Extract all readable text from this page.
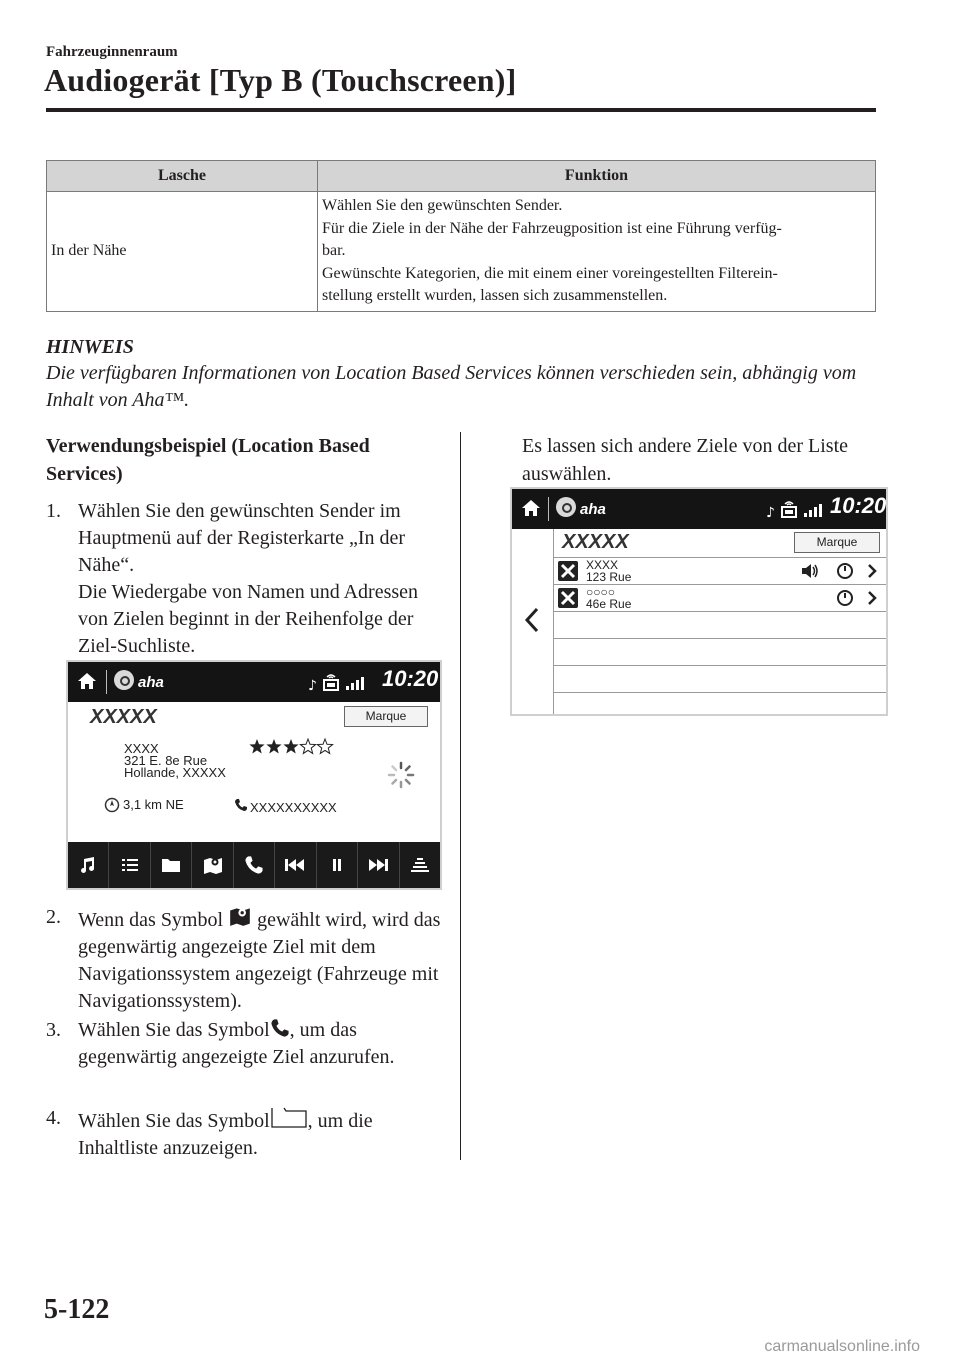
Fahrzeuginnenraum
Audiogerät [Typ B (Touchscreen)]
Lasche	Funktion
In der Nähe	Wählen Sie den gewünschten Sender.
Für die Ziele in der Nähe der Fahrzeugposition ist eine Führung verfüg-
bar.
Gewünschte Kategorien, die mit einem einer voreingestellten Filterein-
stellung erstellt wurden, lassen sich zusammenstellen.
HINWEIS
Die verfügbaren Informationen von Location Based Services können verschieden sein, abhängig vom Inhalt von Aha™.
Verwendungsbeispiel (Location Based Services)
1. Wählen Sie den gewünschten Sender im Hauptmenü auf der Registerkarte „In der Nähe“.
Die Wiedergabe von Namen und Adressen von Zielen beginnt in der Reihenfolge der Ziel-Suchliste.
aha	♪	10:20
XXXXX	Marque
XXXX
321 E. 8e Rue
Hollande, XXXXX
3,1 km NE	XXXXXXXXXX
2. Wenn das Symbol gewählt wird, wird das gegenwärtig angezeigte Ziel mit dem Navigationssystem angezeigt (Fahrzeuge mit Navigationssystem).
3. Wählen Sie das Symbol , um das gegenwärtig angezeigte Ziel anzurufen.
4. Wählen Sie das Symbol , um die Inhaltliste anzuzeigen.
Es lassen sich andere Ziele von der Liste auswählen.
aha	♪	10:20
XXXXX	Marque
XXXX
123 Rue
○○○○
46e Rue
5-122
carmanualsonline.info
